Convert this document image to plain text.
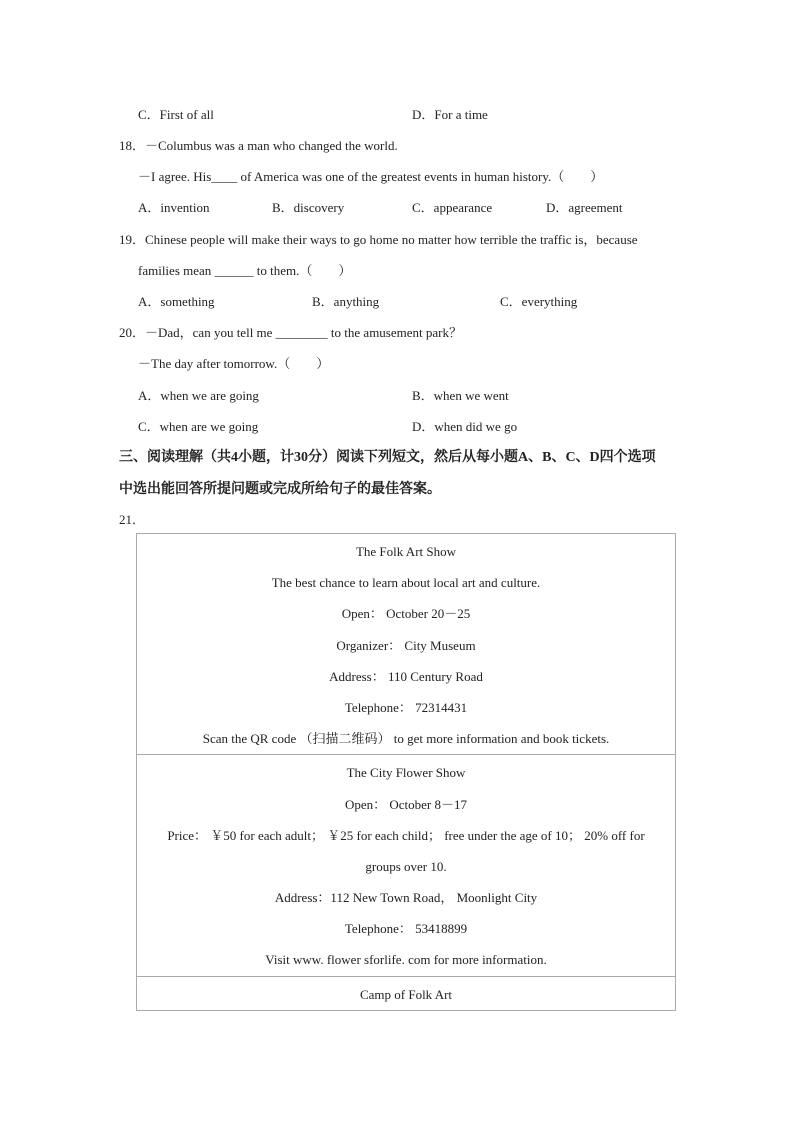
C．First of all	D．For a time
18．－Columbus was a man who changed the world.
－I agree. His____ of America was one of the greatest events in human history.（　　）
A．invention	B．discovery	C．appearance	D．agreement
19．Chinese people will make their ways to go home no matter how terrible the traffic is，because
families mean ______ to them.（　　）
A．something	B．anything	C．everything
20．－Dad，can you tell me ________ to the amusement park？
－The day after tomorrow.（　　）
A．when we are going	B．when we went
C．when are we going	D．when did we go
三、阅读理解（共4小题，计30分）阅读下列短文，然后从每小题A、B、C、D四个选项
中选出能回答所提问题或完成所给句子的最佳答案。
21．
The Folk Art Show
The best chance to learn about local art and culture.
Open： October 20－25
Organizer： City Museum
Address： 110 Century Road
Telephone： 72314431
Scan the QR code （扫描二维码） to get more information and book tickets.
The City Flower Show
Open： October 8－17
Price： ￥50 for each adult； ￥25 for each child； free under the age of 10； 20% off for
groups over 10.
Address：112 New Town Road， Moonlight City
Telephone： 53418899
Visit www. flower sforlife. com for more information.
Camp of Folk Art
